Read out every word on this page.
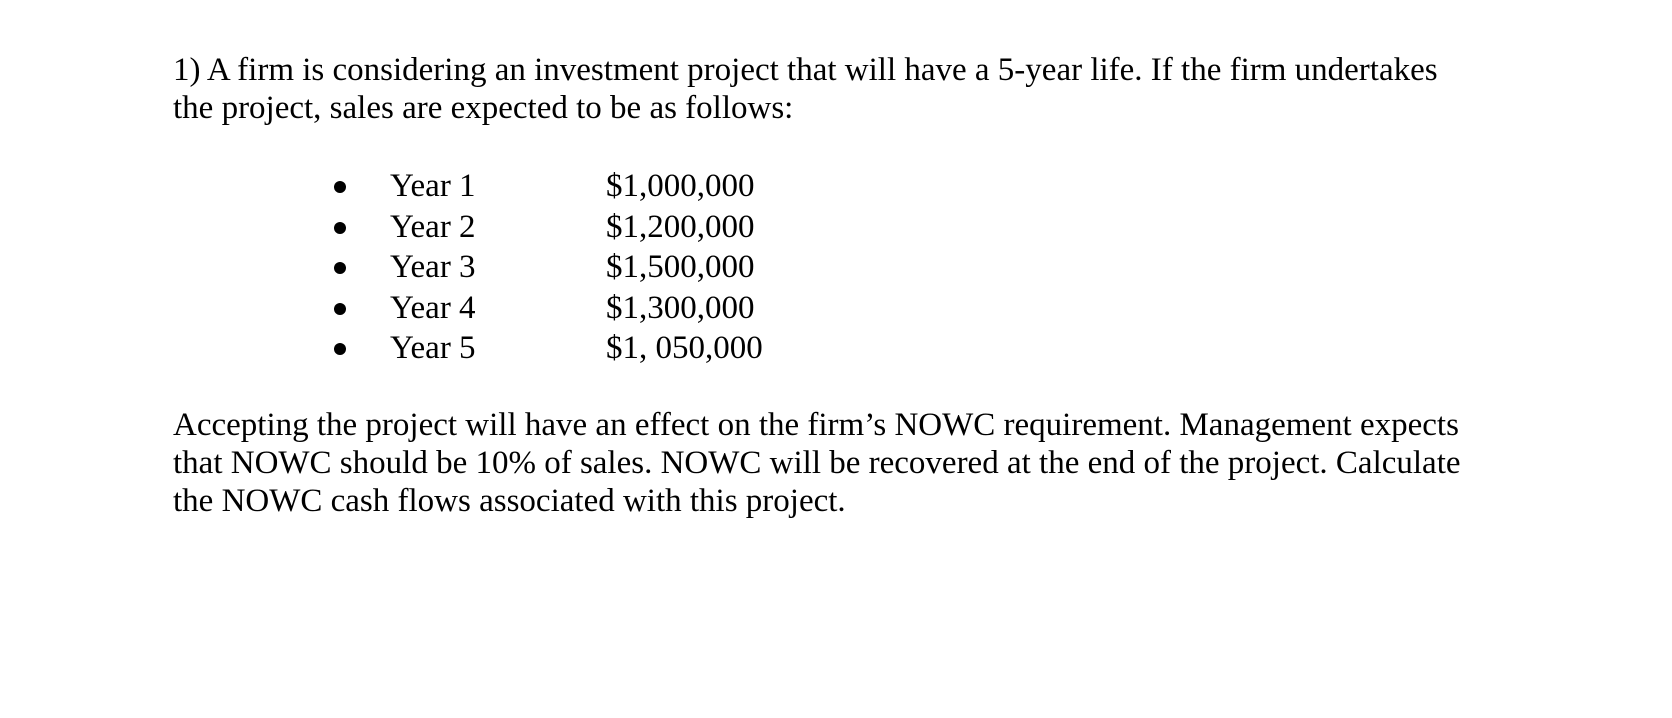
1) A firm is considering an investment project that will have a 5-year life. If the firm undertakes
the project, sales are expected to be as follows:

Year 1	$1,000,000
Year 2	$1,200,000
Year 3	$1,500,000
Year 4	$1,300,000
Year 5	$1, 050,000

Accepting the project will have an effect on the firm’s NOWC requirement. Management expects
that NOWC should be 10% of sales. NOWC will be recovered at the end of the project. Calculate
the NOWC cash flows associated with this project.
